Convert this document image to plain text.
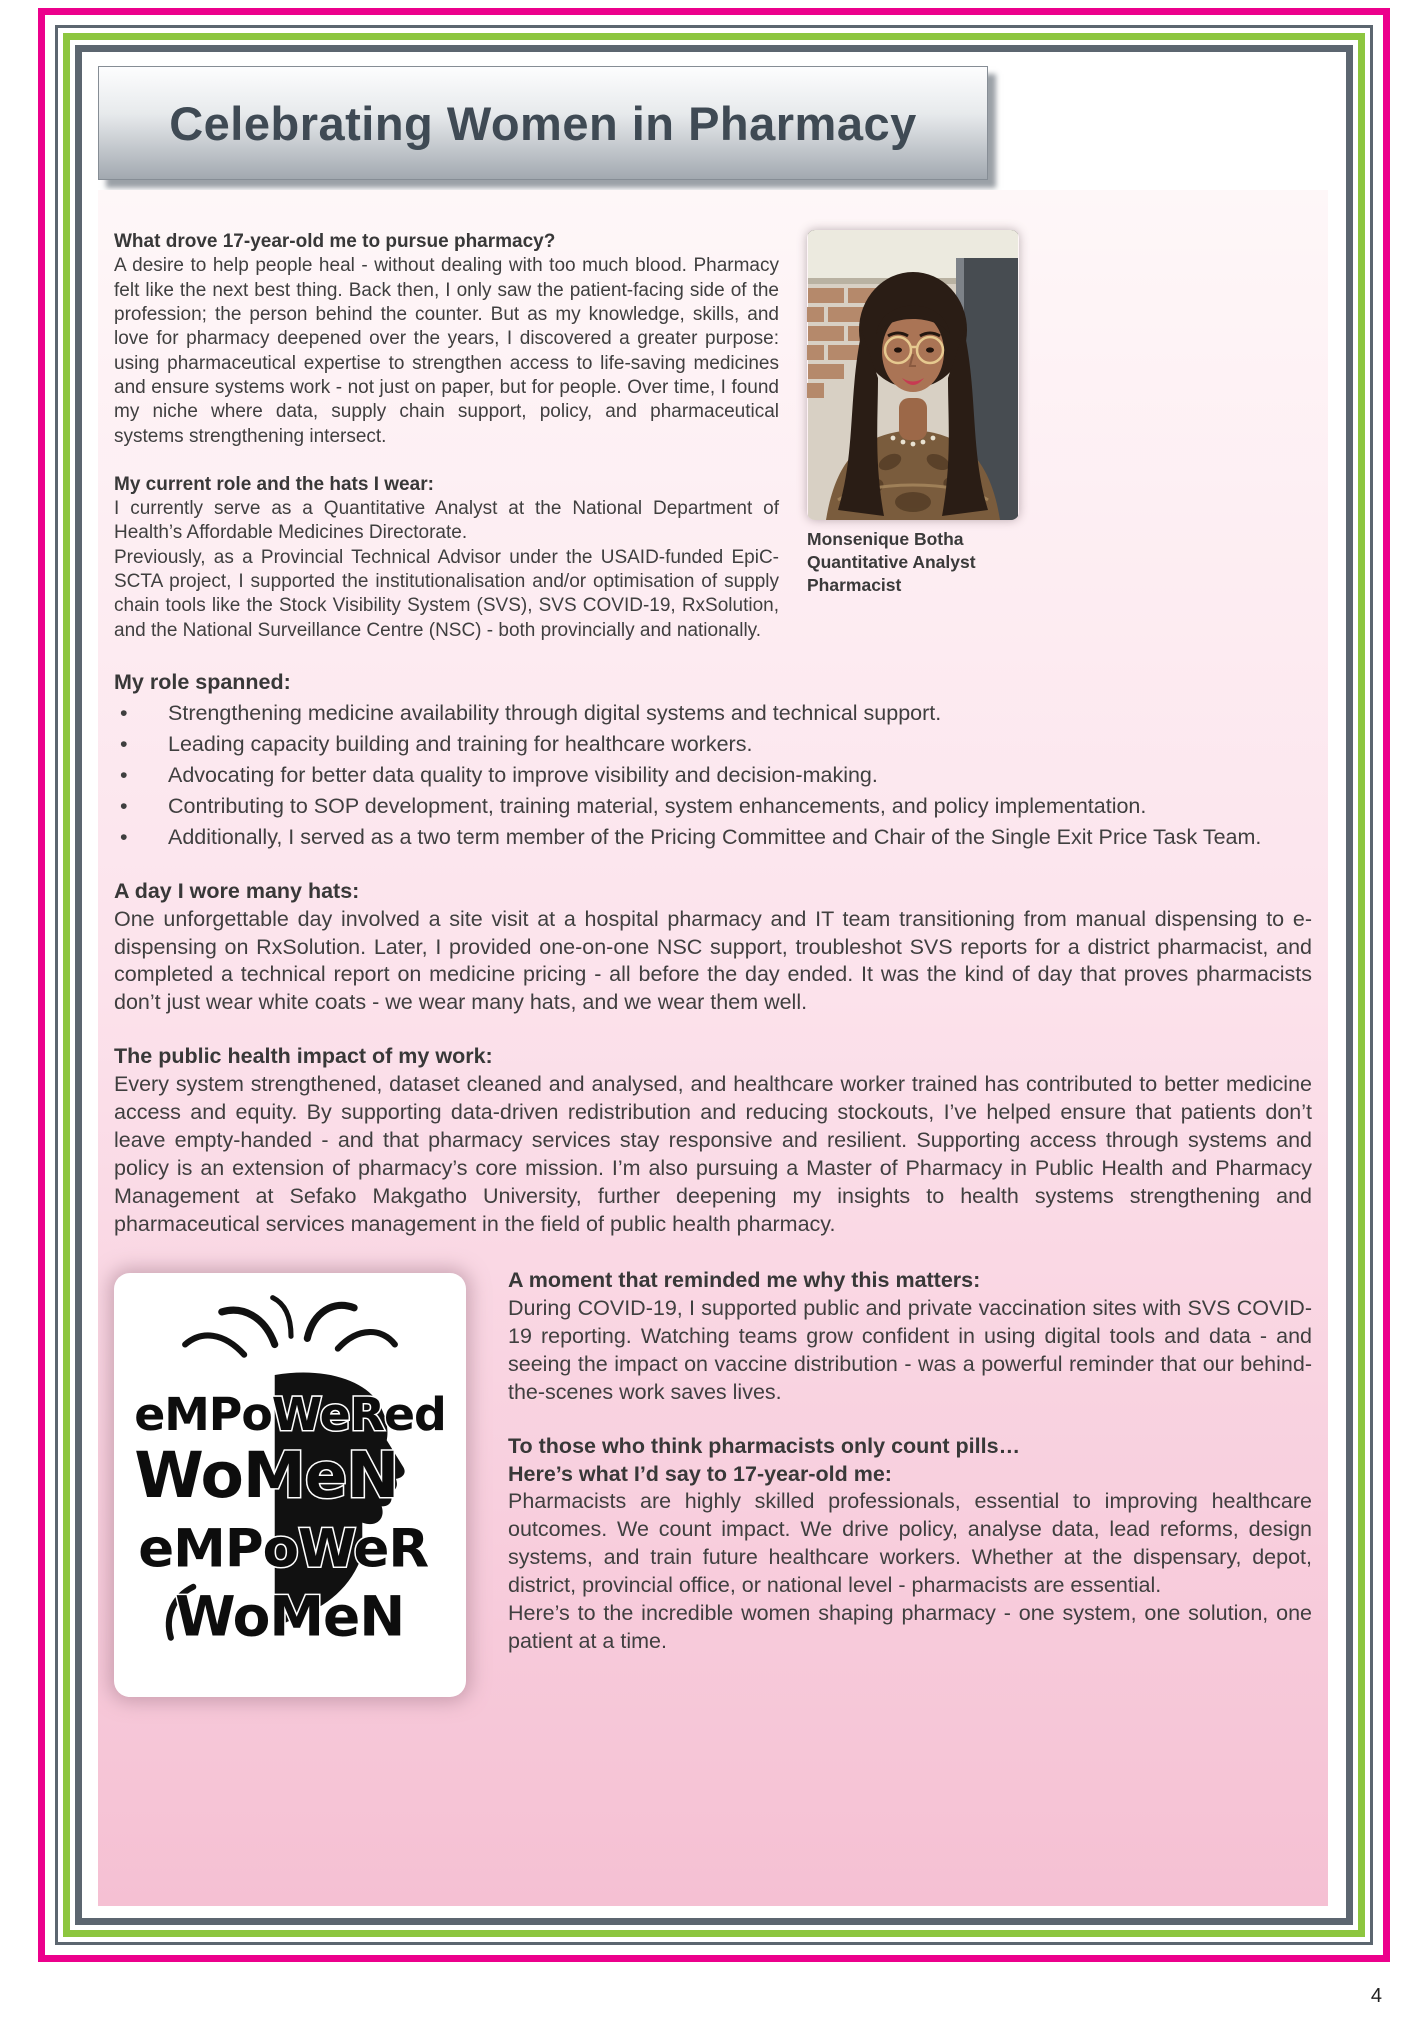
Celebrating Women in Pharmacy
Monsenique Botha
Quantitative Analyst
Pharmacist
What drove 17-year-old me to pursue pharmacy?

A desire to help people heal - without dealing with too much blood. Pharmacy felt like the next best thing. Back then, I only saw the patient-facing side of the profession; the person behind the counter. But as my knowledge, skills, and love for pharmacy deepened over the years, I discovered a greater purpose: using pharmaceutical expertise to strengthen access to life-saving medicines and ensure systems work - not just on paper, but for people. Over time, I found my niche where data, supply chain support, policy, and pharmaceutical systems strengthening intersect.

My current role and the hats I wear:

I currently serve as a Quantitative Analyst at the National Department of Health’s Affordable Medicines Directorate.

Previously, as a Provincial Technical Advisor under the USAID-funded EpiC-SCTA project, I supported the institutionalisation and/or optimisation of supply chain tools like the Stock Visibility System (SVS), SVS COVID-19, RxSolution, and the National Surveillance Centre (NSC) - both provincially and nationally.

My role spanned:
• Strengthening medicine availability through digital systems and technical support.
• Leading capacity building and training for healthcare workers.
• Advocating for better data quality to improve visibility and decision-making.
• Contributing to SOP development, training material, system enhancements, and policy implementation.
• Additionally, I served as a two term member of the Pricing Committee and Chair of the Single Exit Price Task Team.
A day I wore many hats:

One unforgettable day involved a site visit at a hospital pharmacy and IT team transitioning from manual dispensing to e-dispensing on RxSolution. Later, I provided one-on-one NSC support, troubleshot SVS reports for a district pharmacist, and completed a technical report on medicine pricing - all before the day ended. It was the kind of day that proves pharmacists don’t just wear white coats - we wear many hats, and we wear them well.

The public health impact of my work:

Every system strengthened, dataset cleaned and analysed, and healthcare worker trained has contributed to better medicine access and equity. By supporting data-driven redistribution and reducing stockouts, I’ve helped ensure that patients don’t leave empty-handed - and that pharmacy services stay responsive and resilient. Supporting access through systems and policy is an extension of pharmacy’s core mission. I’m also pursuing a Master of Pharmacy in Public Health and Pharmacy Management at Sefako Makgatho University, further deepening my insights to health systems strengthening and pharmaceutical services management in the field of public health pharmacy.

eMPoWeRed
WoMeN
eMPoWeR
WoMeN
A moment that reminded me why this matters:

During COVID-19, I supported public and private vaccination sites with SVS COVID-19 reporting. Watching teams grow confident in using digital tools and data - and seeing the impact on vaccine distribution - was a powerful reminder that our behind-the-scenes work saves lives.

To those who think pharmacists only count pills…
Here’s what I’d say to 17-year-old me:

Pharmacists are highly skilled professionals, essential to improving healthcare outcomes. We count impact. We drive policy, analyse data, lead reforms, design systems, and train future healthcare workers. Whether at the dispensary, depot, district, provincial office, or national level - pharmacists are essential.

Here’s to the incredible women shaping pharmacy - one system, one solution, one patient at a time.

4
